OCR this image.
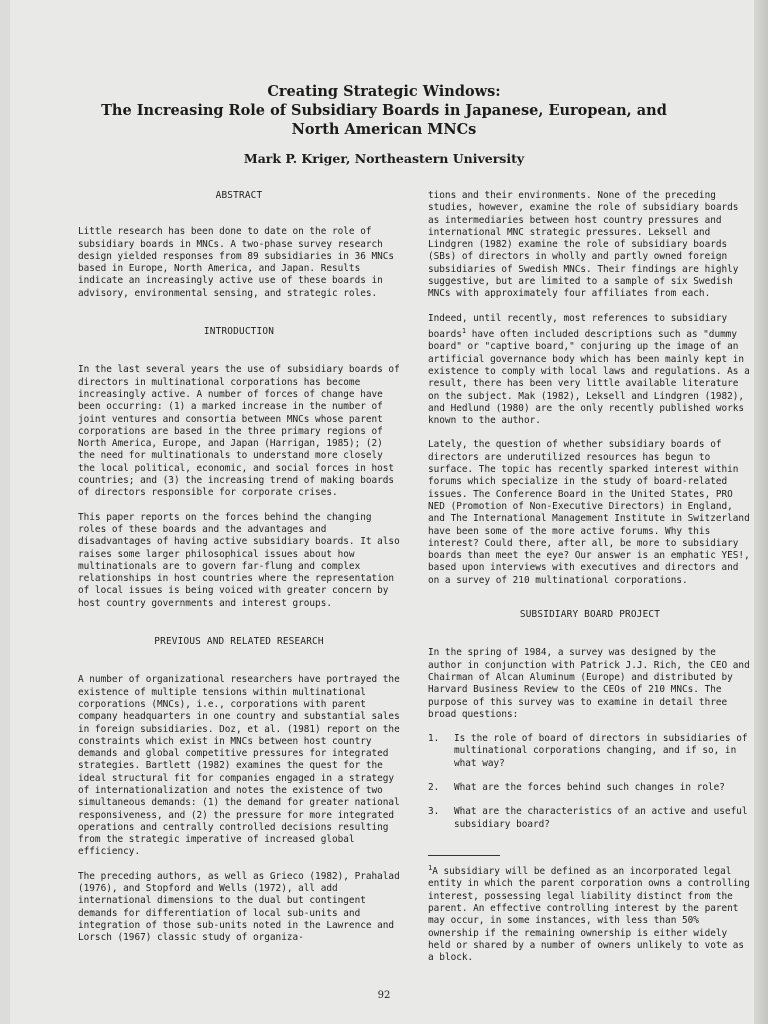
Creating Strategic Windows:
The Increasing Role of Subsidiary Boards in Japanese, European, and
North American MNCs
Mark P. Kriger, Northeastern University
ABSTRACT

Little research has been done to date on the role of subsidiary boards in MNCs. A two-phase survey research design yielded responses from 89 subsidiaries in 36 MNCs based in Europe, North America, and Japan. Results indicate an increasingly active use of these boards in advisory, environmental sensing, and strategic roles.

INTRODUCTION

In the last several years the use of subsidiary boards of directors in multinational corporations has become increasingly active. A number of forces of change have been occurring: (1) a marked increase in the number of joint ventures and consortia between MNCs whose parent corporations are based in the three primary regions of North America, Europe, and Japan (Harrigan, 1985); (2) the need for multinationals to understand more closely the local political, economic, and social forces in host countries; and (3) the increasing trend of making boards of directors responsible for corporate crises.

This paper reports on the forces behind the changing roles of these boards and the advantages and disadvantages of having active subsidiary boards. It also raises some larger philosophical issues about how multinationals are to govern far-flung and complex relationships in host countries where the representation of local issues is being voiced with greater concern by host country governments and interest groups.

PREVIOUS AND RELATED RESEARCH

A number of organizational researchers have portrayed the existence of multiple tensions within multinational corporations (MNCs), i.e., corporations with parent company headquarters in one country and substantial sales in foreign subsidiaries. Doz, et al. (1981) report on the constraints which exist in MNCs between host country demands and global competitive pressures for integrated strategies. Bartlett (1982) examines the quest for the ideal structural fit for companies engaged in a strategy of internationalization and notes the existence of two simultaneous demands: (1) the demand for greater national responsiveness, and (2) the pressure for more integrated operations and centrally controlled decisions resulting from the strategic imperative of increased global efficiency.

The preceding authors, as well as Grieco (1982), Prahalad (1976), and Stopford and Wells (1972), all add international dimensions to the dual but contingent demands for differentiation of local sub-units and integration of those sub-units noted in the Lawrence and Lorsch (1967) classic study of organiza-

tions and their environments. None of the preceding studies, however, examine the role of subsidiary boards as intermediaries between host country pressures and international MNC strategic pressures. Leksell and Lindgren (1982) examine the role of subsidiary boards (SBs) of directors in wholly and partly owned foreign subsidiaries of Swedish MNCs. Their findings are highly suggestive, but are limited to a sample of six Swedish MNCs with approximately four affiliates from each.

Indeed, until recently, most references to subsidiary boards$^1$ have often included descriptions such as "dummy board" or "captive board," conjuring up the image of an artificial governance body which has been mainly kept in existence to comply with local laws and regulations. As a result, there has been very little available literature on the subject. Mak (1982), Leksell and Lindgren (1982), and Hedlund (1980) are the only recently published works known to the author.

Lately, the question of whether subsidiary boards of directors are underutilized resources has begun to surface. The topic has recently sparked interest within forums which specialize in the study of board-related issues. The Conference Board in the United States, PRO NED (Promotion of Non-Executive Directors) in England, and The International Management Institute in Switzerland have been some of the more active forums. Why this interest? Could there, after all, be more to subsidiary boards than meet the eye? Our answer is an emphatic YES!, based upon interviews with executives and directors and on a survey of 210 multinational corporations.

SUBSIDIARY BOARD PROJECT

In the spring of 1984, a survey was designed by the author in conjunction with Patrick J.J. Rich, the CEO and Chairman of Alcan Aluminum (Europe) and distributed by Harvard Business Review to the CEOs of 210 MNCs. The purpose of this survey was to examine in detail three broad questions:

1. Is the role of board of directors in subsidiaries of multinational corporations changing, and if so, in what way?
2. What are the forces behind such changes in role?
3. What are the characteristics of an active and useful subsidiary board?

$^1$A subsidiary will be defined as an incorporated legal entity in which the parent corporation owns a controlling interest, possessing legal liability distinct from the parent. An effective controlling interest by the parent may occur, in some instances, with less than 50% ownership if the remaining ownership is either widely held or shared by a number of owners unlikely to vote as a block.

92
